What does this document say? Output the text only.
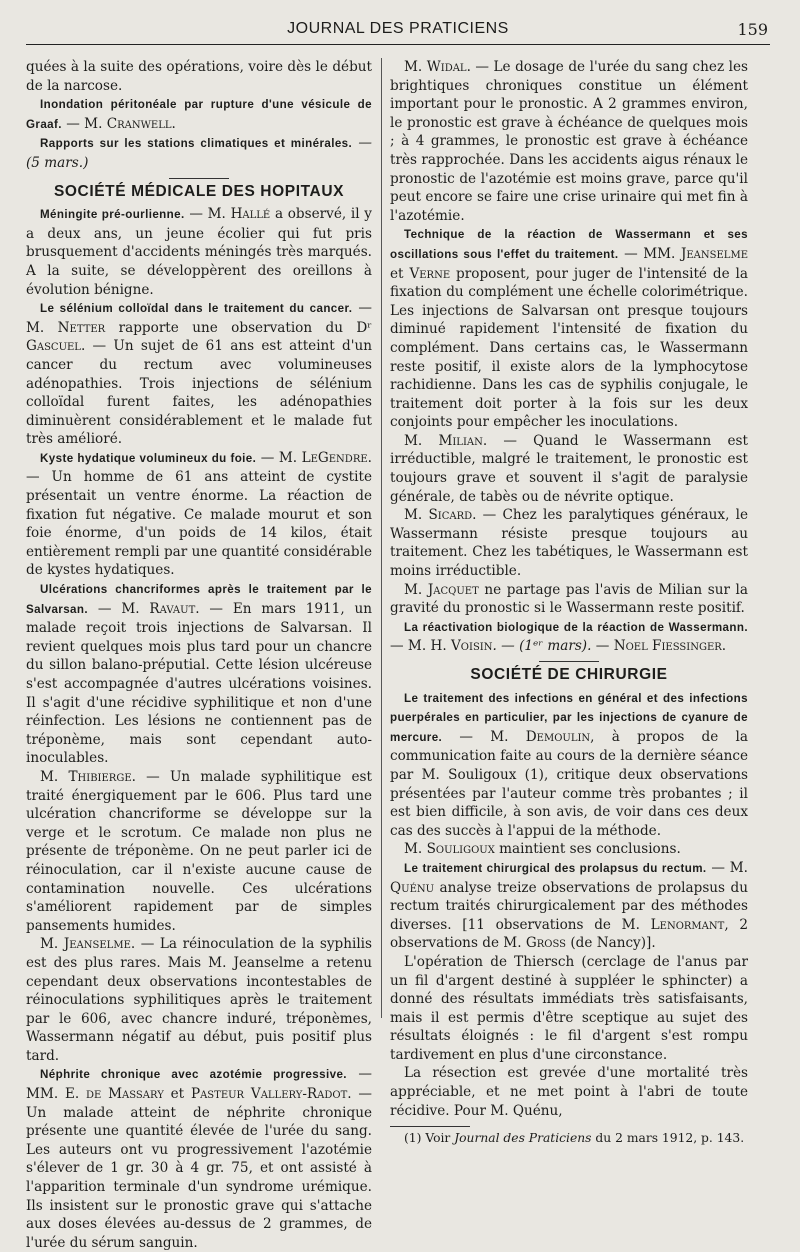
JOURNAL DES PRATICIENS	159

quées à la suite des opérations, voire dès le début de la narcose.

Inondation péritonéale par rupture d'une vésicule de Graaf. — M. Cranwell.

Rapports sur les stations climatiques et minérales. — (5 mars.)

SOCIÉTÉ MÉDICALE DES HOPITAUX

Méningite pré-ourlienne. — M. Hallé a observé, il y a deux ans, un jeune écolier qui fut pris brusquement d'accidents méningés très marqués. A la suite, se développèrent des oreillons à évolution bénigne.

Le sélénium colloïdal dans le traitement du cancer. — M. Netter rapporte une observation du Dʳ Gascuel. — Un sujet de 61 ans est atteint d'un cancer du rectum avec volumineuses adénopathies. Trois injections de sélénium colloïdal furent faites, les adénopathies diminuèrent considérablement et le malade fut très amélioré.

Kyste hydatique volumineux du foie. — M. LeGendre. — Un homme de 61 ans atteint de cystite présentait un ventre énorme. La réaction de fixation fut négative. Ce malade mourut et son foie énorme, d'un poids de 14 kilos, était entièrement rempli par une quantité considérable de kystes hydatiques.

Ulcérations chancriformes après le traitement par le Salvarsan. — M. Ravaut. — En mars 1911, un malade reçoit trois injections de Salvarsan. Il revient quelques mois plus tard pour un chancre du sillon balano-préputial. Cette lésion ulcéreuse s'est accompagnée d'autres ulcérations voisines. Il s'agit d'une récidive syphilitique et non d'une réinfection. Les lésions ne contiennent pas de tréponème, mais sont cependant auto-inoculables.

M. Thibierge. — Un malade syphilitique est traité énergiquement par le 606. Plus tard une ulcération chancriforme se développe sur la verge et le scrotum. Ce malade non plus ne présente de tréponème. On ne peut parler ici de réinoculation, car il n'existe aucune cause de contamination nouvelle. Ces ulcérations s'améliorent rapidement par de simples pansements humides.

M. Jeanselme. — La réinoculation de la syphilis est des plus rares. Mais M. Jeanselme a retenu cependant deux observations incontestables de réinoculations syphilitiques après le traitement par le 606, avec chancre induré, tréponèmes, Wassermann négatif au début, puis positif plus tard.

Néphrite chronique avec azotémie progressive. — MM. E. de Massary et Pasteur Vallery-Radot. — Un malade atteint de néphrite chronique présente une quantité élevée de l'urée du sang. Les auteurs ont vu progressivement l'azotémie s'élever de 1 gr. 30 à 4 gr. 75, et ont assisté à l'apparition terminale d'un syndrome urémique. Ils insistent sur le pronostic grave qui s'attache aux doses élevées au-dessus de 2 grammes, de l'urée du sérum sanguin.

M. Widal. — Le dosage de l'urée du sang chez les brightiques chroniques constitue un élément important pour le pronostic. A 2 grammes environ, le pronostic est grave à échéance de quelques mois ; à 4 grammes, le pronostic est grave à échéance très rapprochée. Dans les accidents aigus rénaux le pronostic de l'azotémie est moins grave, parce qu'il peut encore se faire une crise urinaire qui met fin à l'azotémie.

Technique de la réaction de Wassermann et ses oscillations sous l'effet du traitement. — MM. Jeanselme et Verne proposent, pour juger de l'intensité de la fixation du complément une échelle colorimétrique. Les injections de Salvarsan ont presque toujours diminué rapidement l'intensité de fixation du complément. Dans certains cas, le Wassermann reste positif, il existe alors de la lymphocytose rachidienne. Dans les cas de syphilis conjugale, le traitement doit porter à la fois sur les deux conjoints pour empêcher les inoculations.

M. Milian. — Quand le Wassermann est irréductible, malgré le traitement, le pronostic est toujours grave et souvent il s'agit de paralysie générale, de tabès ou de névrite optique.

M. Sicard. — Chez les paralytiques généraux, le Wassermann résiste presque toujours au traitement. Chez les tabétiques, le Wassermann est moins irréductible.

M. Jacquet ne partage pas l'avis de Milian sur la gravité du pronostic si le Wassermann reste positif.

La réactivation biologique de la réaction de Wassermann. — M. H. Voisin. — (1ᵉʳ mars). — Noel Fiessinger.

SOCIÉTÉ DE CHIRURGIE

Le traitement des infections en général et des infections puerpérales en particulier, par les injections de cyanure de mercure. — M. Demoulin, à propos de la communication faite au cours de la dernière séance par M. Souligoux (1), critique deux observations présentées par l'auteur comme très probantes ; il est bien difficile, à son avis, de voir dans ces deux cas des succès à l'appui de la méthode.

M. Souligoux maintient ses conclusions.

Le traitement chirurgical des prolapsus du rectum. — M. Quénu analyse treize observations de prolapsus du rectum traités chirurgicalement par des méthodes diverses. [11 observations de M. Lenormant, 2 observations de M. Gross (de Nancy)].

L'opération de Thiersch (cerclage de l'anus par un fil d'argent destiné à suppléer le sphincter) a donné des résultats immédiats très satisfaisants, mais il est permis d'être sceptique au sujet des résultats éloignés : le fil d'argent s'est rompu tardivement en plus d'une circonstance.

La résection est grevée d'une mortalité très appréciable, et ne met point à l'abri de toute récidive. Pour M. Quénu,

(1) Voir Journal des Praticiens du 2 mars 1912, p. 143.
